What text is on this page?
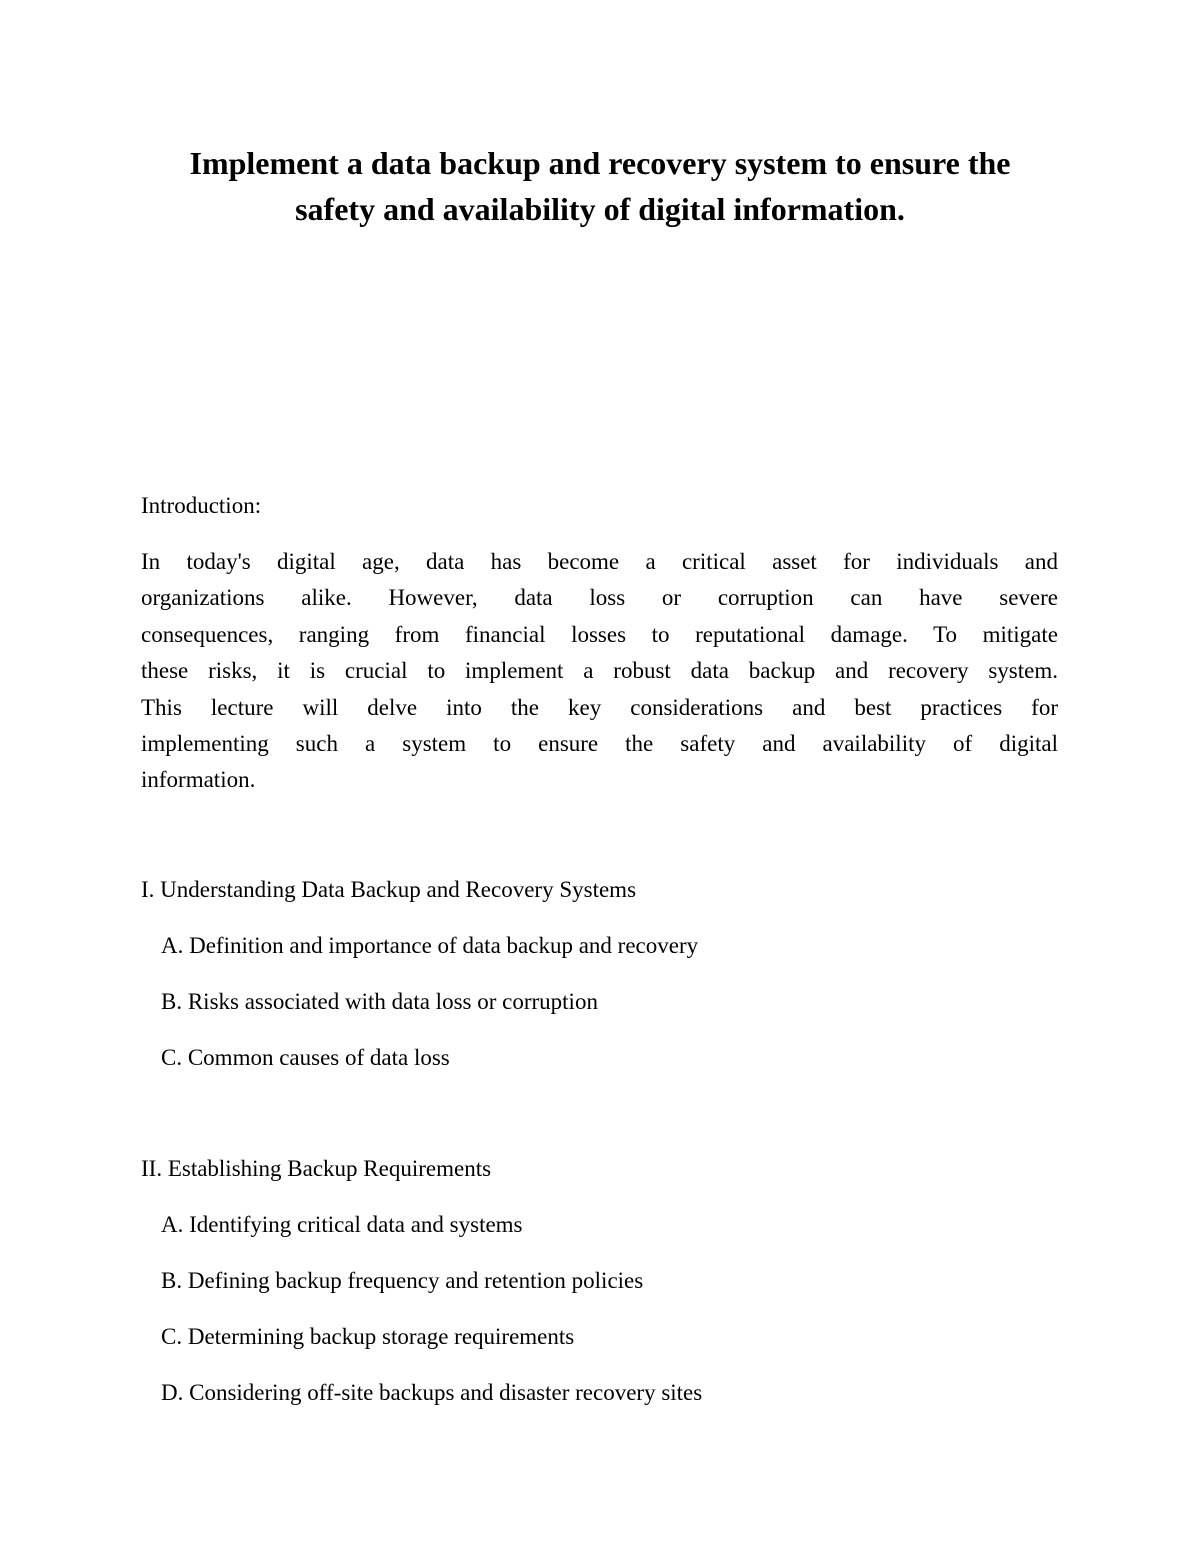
Implement a data backup and recovery system to ensure the
safety and availability of digital information.
Introduction:
In today's digital age, data has become a critical asset for individuals and
organizations alike. However, data loss or corruption can have severe
consequences, ranging from financial losses to reputational damage. To mitigate
these risks, it is crucial to implement a robust data backup and recovery system.
This lecture will delve into the key considerations and best practices for
implementing such a system to ensure the safety and availability of digital
information.
I. Understanding Data Backup and Recovery Systems
A. Definition and importance of data backup and recovery
B. Risks associated with data loss or corruption
C. Common causes of data loss
II. Establishing Backup Requirements
A. Identifying critical data and systems
B. Defining backup frequency and retention policies
C. Determining backup storage requirements
D. Considering off-site backups and disaster recovery sites
